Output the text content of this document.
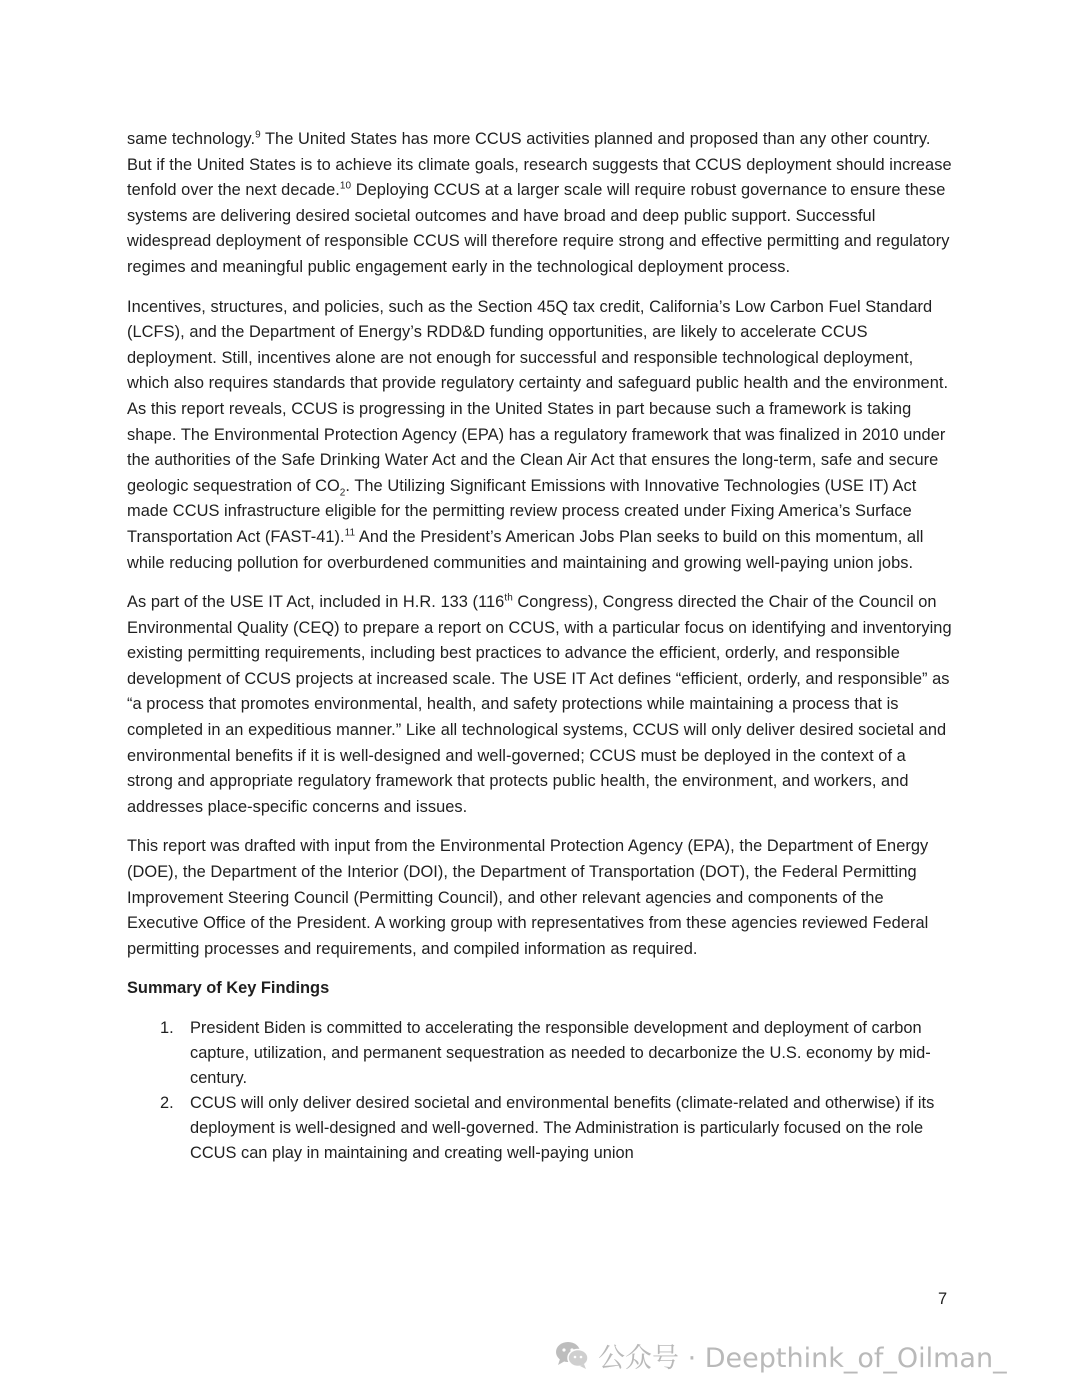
same technology.$^9$ The United States has more CCUS activities planned and proposed than any other country. But if the United States is to achieve its climate goals, research suggests that CCUS deployment should increase tenfold over the next decade.$^{10}$ Deploying CCUS at a larger scale will require robust governance to ensure these systems are delivering desired societal outcomes and have broad and deep public support. Successful widespread deployment of responsible CCUS will therefore require strong and effective permitting and regulatory regimes and meaningful public engagement early in the technological deployment process.

Incentives, structures, and policies, such as the Section 45Q tax credit, California’s Low Carbon Fuel Standard (LCFS), and the Department of Energy’s RDD&D funding opportunities, are likely to accelerate CCUS deployment. Still, incentives alone are not enough for successful and responsible technological deployment, which also requires standards that provide regulatory certainty and safeguard public health and the environment. As this report reveals, CCUS is progressing in the United States in part because such a framework is taking shape. The Environmental Protection Agency (EPA) has a regulatory framework that was finalized in 2010 under the authorities of the Safe Drinking Water Act and the Clean Air Act that ensures the long-term, safe and secure geologic sequestration of $CO_2$. The Utilizing Significant Emissions with Innovative Technologies (USE IT) Act made CCUS infrastructure eligible for the permitting review process created under Fixing America’s Surface Transportation Act (FAST-41).$^{11}$ And the President’s American Jobs Plan seeks to build on this momentum, all while reducing pollution for overburdened communities and maintaining and growing well-paying union jobs.

As part of the USE IT Act, included in H.R. 133 (116th Congress), Congress directed the Chair of the Council on Environmental Quality (CEQ) to prepare a report on CCUS, with a particular focus on identifying and inventorying existing permitting requirements, including best practices to advance the efficient, orderly, and responsible development of CCUS projects at increased scale. The USE IT Act defines “efficient, orderly, and responsible” as “a process that promotes environmental, health, and safety protections while maintaining a process that is completed in an expeditious manner.” Like all technological systems, CCUS will only deliver desired societal and environmental benefits if it is well-designed and well-governed; CCUS must be deployed in the context of a strong and appropriate regulatory framework that protects public health, the environment, and workers, and addresses place-specific concerns and issues.

This report was drafted with input from the Environmental Protection Agency (EPA), the Department of Energy (DOE), the Department of the Interior (DOI), the Department of Transportation (DOT), the Federal Permitting Improvement Steering Council (Permitting Council), and other relevant agencies and components of the Executive Office of the President. A working group with representatives from these agencies reviewed Federal permitting processes and requirements, and compiled information as required.

Summary of Key Findings
1. President Biden is committed to accelerating the responsible development and deployment of carbon capture, utilization, and permanent sequestration as needed to decarbonize the U.S. economy by mid-century.
2. CCUS will only deliver desired societal and environmental benefits (climate-related and otherwise) if its deployment is well-designed and well-governed. The Administration is particularly focused on the role CCUS can play in maintaining and creating well-paying union
7
公众号 · Deepthink_of_Oilman_
